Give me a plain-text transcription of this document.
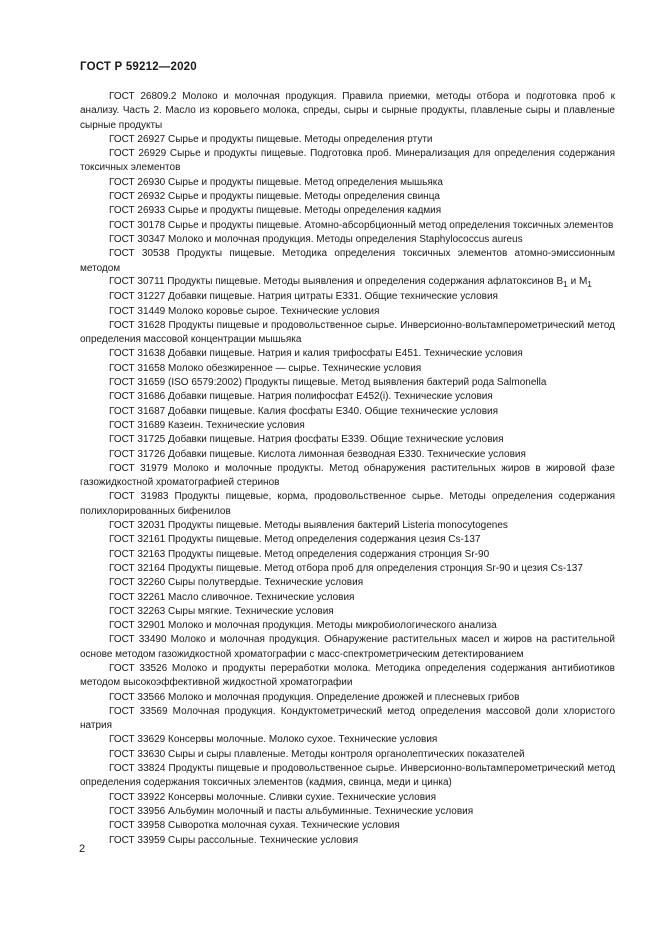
ГОСТ Р 59212—2020
ГОСТ 26809.2 Молоко и молочная продукция. Правила приемки, методы отбора и подготовка проб к анализу. Часть 2. Масло из коровьего молока, спреды, сыры и сырные продукты, плавленые сыры и плавленые сырные продукты
ГОСТ 26927 Сырье и продукты пищевые. Методы определения ртути
ГОСТ 26929 Сырье и продукты пищевые. Подготовка проб. Минерализация для определения содержания токсичных элементов
ГОСТ 26930 Сырье и продукты пищевые. Метод определения мышьяка
ГОСТ 26932 Сырье и продукты пищевые. Методы определения свинца
ГОСТ 26933 Сырье и продукты пищевые. Методы определения кадмия
ГОСТ 30178 Сырье и продукты пищевые. Атомно-абсорбционный метод определения токсичных элементов
ГОСТ 30347 Молоко и молочная продукция. Методы определения Staphylococcus aureus
ГОСТ 30538 Продукты пищевые. Методика определения токсичных элементов атомно-эмиссионным методом
ГОСТ 30711 Продукты пищевые. Методы выявления и определения содержания афлатоксинов $B_1$ и $M_1$
ГОСТ 31227 Добавки пищевые. Натрия цитраты Е331. Общие технические условия
ГОСТ 31449 Молоко коровье сырое. Технические условия
ГОСТ 31628 Продукты пищевые и продовольственное сырье. Инверсионно-вольтамперометрический метод определения массовой концентрации мышьяка
ГОСТ 31638 Добавки пищевые. Натрия и калия трифосфаты Е451. Технические условия
ГОСТ 31658 Молоко обезжиренное — сырье. Технические условия
ГОСТ 31659 (ISO 6579:2002) Продукты пищевые. Метод выявления бактерий рода Salmonella
ГОСТ 31686 Добавки пищевые. Натрия полифосфат Е452(i). Технические условия
ГОСТ 31687 Добавки пищевые. Калия фосфаты Е340. Общие технические условия
ГОСТ 31689 Казеин. Технические условия
ГОСТ 31725 Добавки пищевые. Натрия фосфаты Е339. Общие технические условия
ГОСТ 31726 Добавки пищевые. Кислота лимонная безводная Е330. Технические условия
ГОСТ 31979 Молоко и молочные продукты. Метод обнаружения растительных жиров в жировой фазе газожидкостной хроматографией стеринов
ГОСТ 31983 Продукты пищевые, корма, продовольственное сырье. Методы определения содержания полихлорированных бифенилов
ГОСТ 32031 Продукты пищевые. Методы выявления бактерий Listeria monocytogenes
ГОСТ 32161 Продукты пищевые. Метод определения содержания цезия Cs-137
ГОСТ 32163 Продукты пищевые. Метод определения содержания стронция Sr-90
ГОСТ 32164 Продукты пищевые. Метод отбора проб для определения стронция Sr-90 и цезия Cs-137
ГОСТ 32260 Сыры полутвердые. Технические условия
ГОСТ 32261 Масло сливочное. Технические условия
ГОСТ 32263 Сыры мягкие. Технические условия
ГОСТ 32901 Молоко и молочная продукция. Методы микробиологического анализа
ГОСТ 33490 Молоко и молочная продукция. Обнаружение растительных масел и жиров на растительной основе методом газожидкостной хроматографии с масс-спектрометрическим детектированием
ГОСТ 33526 Молоко и продукты переработки молока. Методика определения содержания антибиотиков методом высокоэффективной жидкостной хроматографии
ГОСТ 33566 Молоко и молочная продукция. Определение дрожжей и плесневых грибов
ГОСТ 33569 Молочная продукция. Кондуктометрический метод определения массовой доли хлористого натрия
ГОСТ 33629 Консервы молочные. Молоко сухое. Технические условия
ГОСТ 33630 Сыры и сыры плавленые. Методы контроля органолептических показателей
ГОСТ 33824 Продукты пищевые и продовольственное сырье. Инверсионно-вольтамперометрический метод определения содержания токсичных элементов (кадмия, свинца, меди и цинка)
ГОСТ 33922 Консервы молочные. Сливки сухие. Технические условия
ГОСТ 33956 Альбумин молочный и пасты альбуминные. Технические условия
ГОСТ 33958 Сыворотка молочная сухая. Технические условия
ГОСТ 33959 Сыры рассольные. Технические условия
2
